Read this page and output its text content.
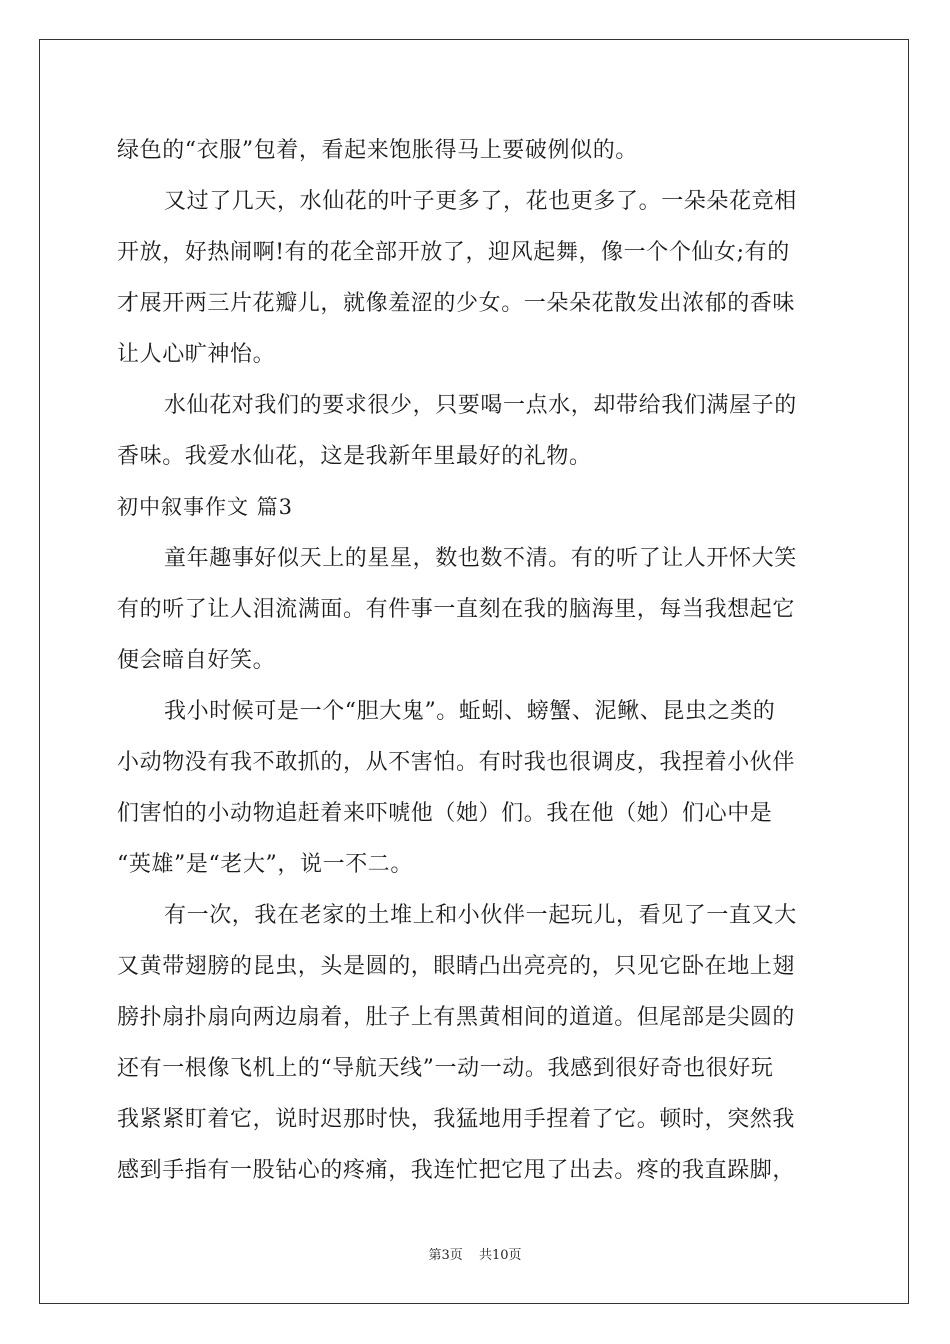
绿色的“衣服”包着，看起来饱胀得马上要破例似的。
又过了几天，水仙花的叶子更多了，花也更多了。一朵朵花竞相
开放，好热闹啊!有的花全部开放了，迎风起舞，像一个个仙女;有的
才展开两三片花瓣儿，就像羞涩的少女。一朵朵花散发出浓郁的香味
让人心旷神怡。
水仙花对我们的要求很少，只要喝一点水，却带给我们满屋子的
香味。我爱水仙花，这是我新年里最好的礼物。
初中叙事作文 篇3
童年趣事好似天上的星星，数也数不清。有的听了让人开怀大笑
有的听了让人泪流满面。有件事一直刻在我的脑海里，每当我想起它
便会暗自好笑。
我小时候可是一个“胆大鬼”。蚯蚓、螃蟹、泥鳅、昆虫之类的
小动物没有我不敢抓的，从不害怕。有时我也很调皮，我捏着小伙伴
们害怕的小动物追赶着来吓唬他（她）们。我在他（她）们心中是
“英雄”是“老大”，说一不二。
有一次，我在老家的土堆上和小伙伴一起玩儿，看见了一直又大
又黄带翅膀的昆虫，头是圆的，眼睛凸出亮亮的，只见它卧在地上翅
膀扑扇扑扇向两边扇着，肚子上有黑黄相间的道道。但尾部是尖圆的
还有一根像飞机上的“导航天线”一动一动。我感到很好奇也很好玩
我紧紧盯着它，说时迟那时快，我猛地用手捏着了它。顿时，突然我
感到手指有一股钻心的疼痛，我连忙把它甩了出去。疼的我直跺脚，
第3页 共10页
